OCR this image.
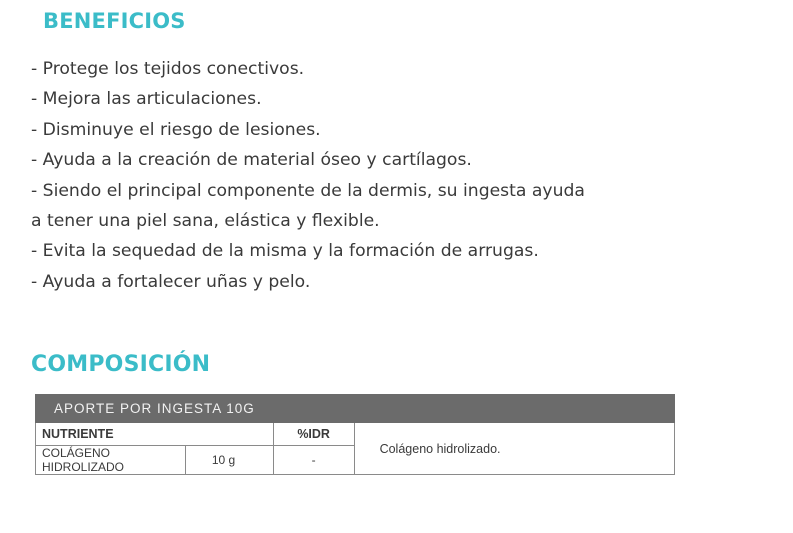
BENEFICIOS
- Protege los tejidos conectivos.
- Mejora las articulaciones.
- Disminuye el riesgo de lesiones.
- Ayuda a la creación de material óseo y cartílagos.
- Siendo el principal componente de la dermis, su ingesta ayuda
a tener una piel sana, elástica y flexible.
- Evita la sequedad de la misma y la formación de arrugas.
- Ayuda a fortalecer uñas y pelo.
COMPOSICIÓN
APORTE POR INGESTA 10G			
NUTRIENTE		%IDR	Colágeno hidrolizado.
COLÁGENO HIDROLIZADO	10 g	-	
